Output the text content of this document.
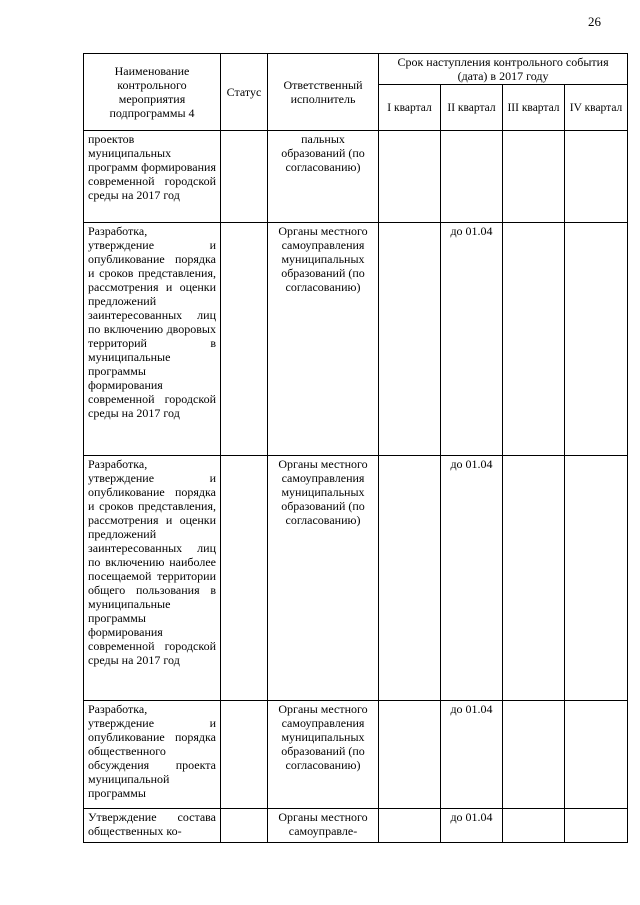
26
Наименование контрольного мероприятия подпрограммы 4	Статус	Ответственный исполнитель	Срок наступления контрольного события (дата) в 2017 году			
			I квартал	II квартал	III квартал	IV квартал
проектов муниципальных программ формирования современной городской среды на 2017 год		пальных образований (по согласованию)				
Разработка, утверждение и опубликование порядка и сроков представления, рассмотрения и оценки предложений заинтересованных лиц по включению дворовых территорий в муниципальные программы формирования современной городской среды на 2017 год		Органы местного самоуправления муниципальных образований (по согласованию)		до 01.04		
Разработка, утверждение и опубликование порядка и сроков представления, рассмотрения и оценки предложений заинтересованных лиц по включению наиболее посещаемой территории общего пользования в муниципальные программы формирования современной городской среды на 2017 год		Органы местного самоуправления муниципальных образований (по согласованию)		до 01.04		
Разработка, утверждение и опубликование порядка общественного обсуждения проекта муниципальной программы		Органы местного самоуправления муниципальных образований (по согласованию)		до 01.04		
Утверждение состава общественных ко-		Органы местного самоуправле-		до 01.04		
